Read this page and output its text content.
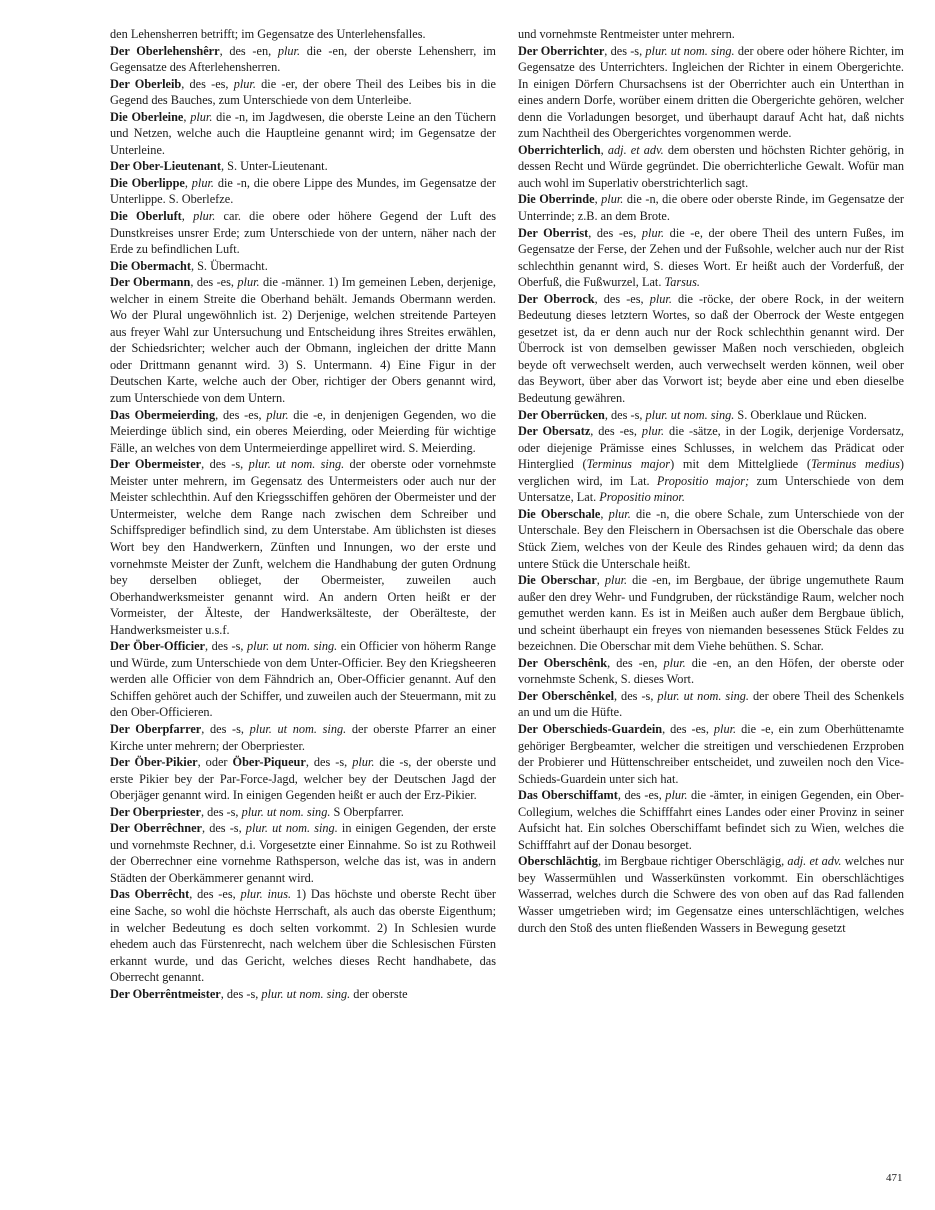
den Lehensherren betrifft; im Gegensatze des Unterlehensfalles.

Der Oberlehenshêrr, des -en, plur. die -en, der oberste Lehensherr, im Gegensatze des Afterlehensherren.

Der Oberleib, des -es, plur. die -er, der obere Theil des Leibes bis in die Gegend des Bauches, zum Unterschiede von dem Unterleibe.

Die Oberleine, plur. die -n, im Jagdwesen, die oberste Leine an den Tüchern und Netzen, welche auch die Hauptleine genannt wird; im Gegensatze der Unterleine.

Der Ober-Lieutenant, S. Unter-Lieutenant.

Die Oberlippe, plur. die -n, die obere Lippe des Mundes, im Gegensatze der Unterlippe. S. Oberlefze.

Die Oberluft, plur. car. die obere oder höhere Gegend der Luft des Dunstkreises unsrer Erde; zum Unterschiede von der untern, näher nach der Erde zu befindlichen Luft.

Die Obermacht, S. Übermacht.

Der Obermann, des -es, plur. die -männer. 1) Im gemeinen Leben, derjenige, welcher in einem Streite die Oberhand behält. Jemands Obermann werden. Wo der Plural ungewöhnlich ist. 2) Derjenige, welchen streitende Parteyen aus freyer Wahl zur Untersuchung und Entscheidung ihres Streites erwählen, der Schiedsrichter; welcher auch der Obmann, ingleichen der dritte Mann oder Drittmann genannt wird. 3) S. Untermann. 4) Eine Figur in der Deutschen Karte, welche auch der Ober, richtiger der Obers genannt wird, zum Unterschiede von dem Untern.

Das Obermeierding, des -es, plur. die -e, in denjenigen Gegenden, wo die Meierdinge üblich sind, ein oberes Meierding, oder Meierding für wichtige Fälle, an welches von dem Untermeierdinge appelliret wird. S. Meierding.

Der Obermeister, des -s, plur. ut nom. sing. der oberste oder vornehmste Meister unter mehrern, im Gegensatz des Untermeisters oder auch nur der Meister schlechthin. Auf den Kriegsschiffen gehören der Obermeister und der Untermeister, welche dem Range nach zwischen dem Schreiber und Schiffsprediger befindlich sind, zu dem Unterstabe. Am üblichsten ist dieses Wort bey den Handwerkern, Zünften und Innungen, wo der erste und vornehmste Meister der Zunft, welchem die Handhabung der guten Ordnung bey derselben oblieget, der Obermeister, zuweilen auch Oberhandwerksmeister genannt wird. An andern Orten heißt er der Vormeister, der Älteste, der Handwerksälteste, der Oberälteste, der Handwerksmeister u.s.f.

Der Öber-Officier, des -s, plur. ut nom. sing. ein Officier von höherm Range und Würde, zum Unterschiede von dem Unter-Officier. Bey den Kriegsheeren werden alle Officier von dem Fähndrich an, Ober-Officier genannt. Auf den Schiffen gehöret auch der Schiffer, und zuweilen auch der Steuermann, mit zu den Ober-Officieren.

Der Oberpfarrer, des -s, plur. ut nom. sing. der oberste Pfarrer an einer Kirche unter mehrern; der Oberpriester.

Der Öber-Pikier, oder Öber-Piqueur, des -s, plur. die -s, der oberste und erste Pikier bey der Par-Force-Jagd, welcher bey der Deutschen Jagd der Oberjäger genannt wird. In einigen Gegenden heißt er auch der Erz-Pikier.

Der Oberpriester, des -s, plur. ut nom. sing. S Oberpfarrer.

Der Oberrêchner, des -s, plur. ut nom. sing. in einigen Gegenden, der erste und vornehmste Rechner, d.i. Vorgesetzte einer Einnahme. So ist zu Rothweil der Oberrechner eine vornehme Rathsperson, welche das ist, was in andern Städten der Oberkämmerer genannt wird.

Das Oberrêcht, des -es, plur. inus. 1) Das höchste und oberste Recht über eine Sache, so wohl die höchste Herrschaft, als auch das oberste Eigenthum; in welcher Bedeutung es doch selten vorkommt. 2) In Schlesien wurde ehedem auch das Fürstenrecht, nach welchem über die Schlesischen Fürsten erkannt wurde, und das Gericht, welches dieses Recht handhabete, das Oberrecht genannt.

Der Oberrêntmeister, des -s, plur. ut nom. sing. der oberste

und vornehmste Rentmeister unter mehrern.

Der Oberrichter, des -s, plur. ut nom. sing. der obere oder höhere Richter, im Gegensatze des Unterrichters. Ingleichen der Richter in einem Obergerichte. In einigen Dörfern Chursachsens ist der Oberrichter auch ein Unterthan in eines andern Dorfe, worüber einem dritten die Obergerichte gehören, welcher denn die Vorladungen besorget, und überhaupt darauf Acht hat, daß nichts zum Nachtheil des Obergerichtes vorgenommen werde.

Oberrichterlich, adj. et adv. dem obersten und höchsten Richter gehörig, in dessen Recht und Würde gegründet. Die oberrichterliche Gewalt. Wofür man auch wohl im Superlativ oberstrichterlich sagt.

Die Oberrinde, plur. die -n, die obere oder oberste Rinde, im Gegensatze der Unterrinde; z.B. an dem Brote.

Der Oberrist, des -es, plur. die -e, der obere Theil des untern Fußes, im Gegensatze der Ferse, der Zehen und der Fußsohle, welcher auch nur der Rist schlechthin genannt wird, S. dieses Wort. Er heißt auch der Vorderfuß, der Oberfuß, die Fußwurzel, Lat. Tarsus.

Der Oberrock, des -es, plur. die -röcke, der obere Rock, in der weitern Bedeutung dieses letztern Wortes, so daß der Oberrock der Weste entgegen gesetzet ist, da er denn auch nur der Rock schlechthin genannt wird. Der Überrock ist von demselben gewisser Maßen noch verschieden, obgleich beyde oft verwechselt werden, auch verwechselt werden können, weil ober das Beywort, über aber das Vorwort ist; beyde aber eine und eben dieselbe Bedeutung gewähren.

Der Oberrücken, des -s, plur. ut nom. sing. S. Oberklaue und Rücken.

Der Obersatz, des -es, plur. die -sätze, in der Logik, derjenige Vordersatz, oder diejenige Prämisse eines Schlusses, in welchem das Prädicat oder Hinterglied (Terminus major) mit dem Mittelgliede (Terminus medius) verglichen wird, im Lat. Propositio major; zum Unterschiede von dem Untersatze, Lat. Propositio minor.

Die Oberschale, plur. die -n, die obere Schale, zum Unterschiede von der Unterschale. Bey den Fleischern in Obersachsen ist die Oberschale das obere Stück Ziem, welches von der Keule des Rindes gehauen wird; da denn das untere Stück die Unterschale heißt.

Die Oberschar, plur. die -en, im Bergbaue, der übrige ungemuthete Raum außer den drey Wehr- und Fundgruben, der rückständige Raum, welcher noch gemuthet werden kann. Es ist in Meißen auch außer dem Bergbaue üblich, und scheint überhaupt ein freyes von niemanden besessenes Stück Feldes zu bezeichnen. Die Oberschar mit dem Viehe behüthen. S. Schar.

Der Oberschênk, des -en, plur. die -en, an den Höfen, der oberste oder vornehmste Schenk, S. dieses Wort.

Der Oberschênkel, des -s, plur. ut nom. sing. der obere Theil des Schenkels an und um die Hüfte.

Der Oberschieds-Guardein, des -es, plur. die -e, ein zum Oberhüttenamte gehöriger Bergbeamter, welcher die streitigen und verschiedenen Erzproben der Probierer und Hüttenschreiber entscheidet, und zuweilen noch den Vice-Schieds-Guardein unter sich hat.

Das Oberschiffamt, des -es, plur. die -ämter, in einigen Gegenden, ein Ober-Collegium, welches die Schifffahrt eines Landes oder einer Provinz in seiner Aufsicht hat. Ein solches Oberschiffamt befindet sich zu Wien, welches die Schifffahrt auf der Donau besorget.

Oberschlächtig, im Bergbaue richtiger Oberschlägig, adj. et adv. welches nur bey Wassermühlen und Wasserkünsten vorkommt. Ein oberschlächtiges Wasserrad, welches durch die Schwere des von oben auf das Rad fallenden Wasser umgetrieben wird; im Gegensatze eines unterschlächtigen, welches durch den Stoß des unten fließenden Wassers in Bewegung gesetzt

471
